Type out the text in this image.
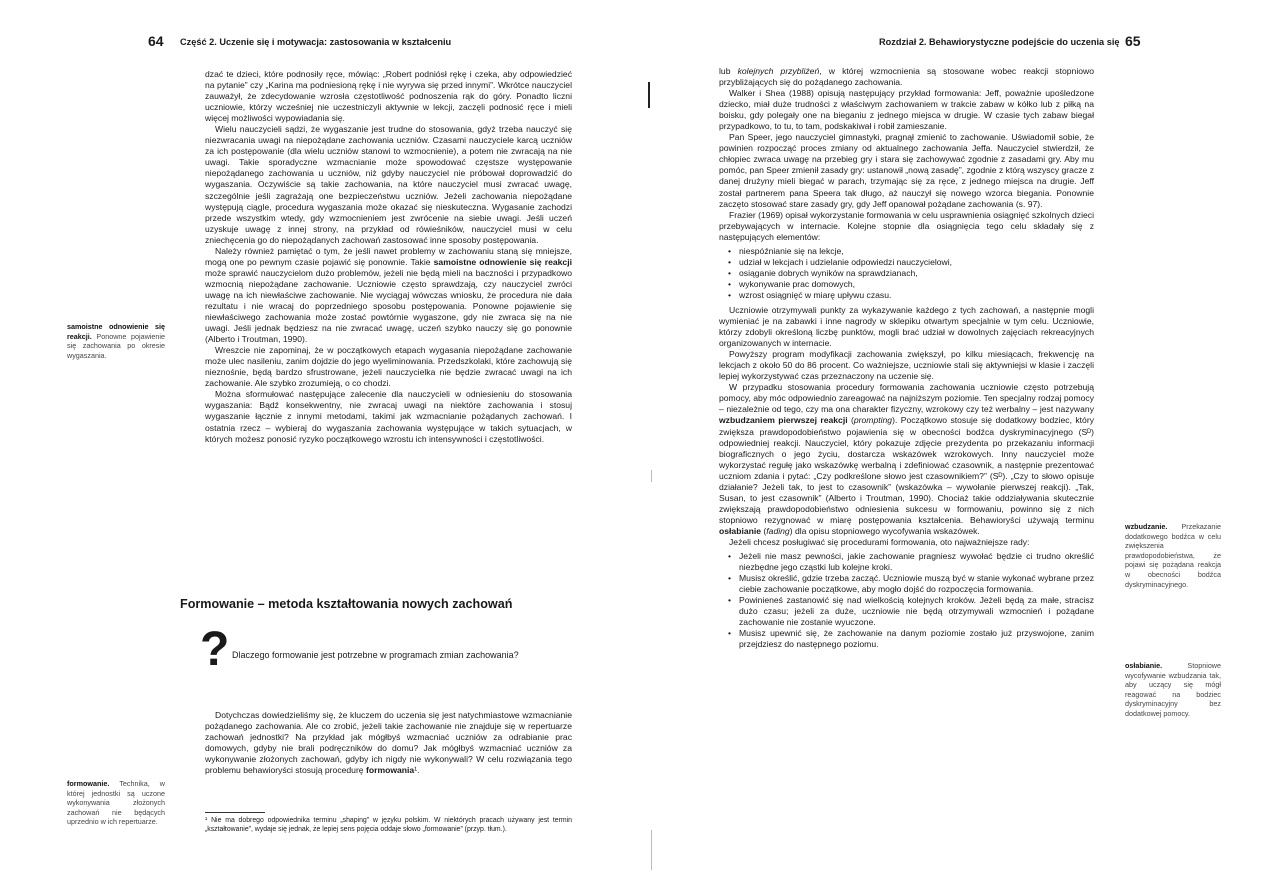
64 Część 2. Uczenie się i motywacja: zastosowania w kształceniu

dzać te dzieci, które podnosiły ręce, mówiąc: „Robert podniósł rękę i czeka, aby odpowiedzieć na pytanie” czy „Karina ma podniesioną rękę i nie wyrywa się przed innymi”. Wkrótce nauczyciel zauważył, że zdecydowanie wzrosła częstotliwość podnoszenia rąk do góry. Ponadto liczni uczniowie, którzy wcześniej nie uczestniczyli aktywnie w lekcji, zaczęli podnosić ręce i mieli więcej możliwości wypowiadania się.

Wielu nauczycieli sądzi, że wygaszanie jest trudne do stosowania, gdyż trzeba nauczyć się niezwracania uwagi na niepożądane zachowania uczniów. Czasami nauczyciele karcą uczniów za ich postępowanie (dla wielu uczniów stanowi to wzmocnienie), a potem nie zwracają na nie uwagi. Takie sporadyczne wzmacnianie może spowodować częstsze występowanie niepożądanego zachowania u uczniów, niż gdyby nauczyciel nie próbował doprowadzić do wygaszania. Oczywiście są takie zachowania, na które nauczyciel musi zwracać uwagę, szczególnie jeśli zagrażają one bezpieczeństwu uczniów. Jeżeli zachowania niepożądane występują ciągle, procedura wygaszania może okazać się nieskuteczna. Wygasanie zachodzi przede wszystkim wtedy, gdy wzmocnieniem jest zwrócenie na siebie uwagi. Jeśli uczeń uzyskuje uwagę z innej strony, na przykład od rówieśników, nauczyciel musi w celu zniechęcenia go do niepożądanych zachowań zastosować inne sposoby postępowania.

Należy również pamiętać o tym, że jeśli nawet problemy w zachowaniu staną się mniejsze, mogą one po pewnym czasie pojawić się ponownie. Takie samoistne odnowienie się reakcji może sprawić nauczycielom dużo problemów, jeżeli nie będą mieli na baczności i przypadkowo wzmocnią niepożądane zachowanie. Uczniowie często sprawdzają, czy nauczyciel zwróci uwagę na ich niewłaściwe zachowanie. Nie wyciągaj wówczas wniosku, że procedura nie dała rezultatu i nie wracaj do poprzedniego sposobu postępowania. Ponowne pojawienie się niewłaściwego zachowania może zostać powtórnie wygaszone, gdy nie zwraca się na nie uwagi. Jeśli jednak będziesz na nie zwracać uwagę, uczeń szybko nauczy się go ponownie (Alberto i Troutman, 1990).

Wreszcie nie zapominaj, że w początkowych etapach wygasania niepożądane zachowanie może ulec nasileniu, zanim dojdzie do jego wyeliminowania. Przedszkolaki, które zachowują się nieznośnie, będą bardzo sfrustrowane, jeżeli nauczycielka nie będzie zwracać uwagi na ich zachowanie. Ale szybko zrozumieją, o co chodzi.

Można sformułować następujące zalecenie dla nauczycieli w odniesieniu do stosowania wygaszania: Bądź konsekwentny, nie zwracaj uwagi na niektóre zachowania i stosuj wygaszanie łącznie z innymi metodami, takimi jak wzmacnianie pożądanych zachowań. I ostatnia rzecz – wybieraj do wygaszania zachowania występujące w takich sytuacjach, w których możesz ponosić ryzyko początkowego wzrostu ich intensywności i częstotliwości.

samoistne odnowienie się reakcji. Ponowne pojawienie się zachowania po okresie wygaszania.
Formowanie – metoda kształtowania nowych zachowań
? Dlaczego formowanie jest potrzebne w programach zmian zachowania?

Dotychczas dowiedzieliśmy się, że kluczem do uczenia się jest natychmiastowe wzmacnianie pożądanego zachowania. Ale co zrobić, jeżeli takie zachowanie nie znajduje się w repertuarze zachowań jednostki? Na przykład jak mógłbyś wzmacniać uczniów za odrabianie prac domowych, gdyby nie brali podręczników do domu? Jak mógłbyś wzmacniać uczniów za wykonywanie złożonych zachowań, gdyby ich nigdy nie wykonywali? W celu rozwiązania tego problemu behawioryści stosują procedurę formowania¹.

¹ Nie ma dobrego odpowiednika terminu „shaping” w języku polskim. W niektórych pracach używany jest termin „kształtowanie”, wydaje się jednak, że lepiej sens pojęcia oddaje słowo „formowanie” (przyp. tłum.).
formowanie. Technika, w której jednostki są uczone wykonywania złożonych zachowań nie będących uprzednio w ich repertuarze.
Rozdział 2. Behawiorystyczne podejście do uczenia się 65

lub kolejnych przybliżeń, w której wzmocnienia są stosowane wobec reakcji stopniowo przybliżających się do pożądanego zachowania.

Walker i Shea (1988) opisują następujący przykład formowania: Jeff, poważnie upośledzone dziecko, miał duże trudności z właściwym zachowaniem w trakcie zabaw w kółko lub z piłką na boisku, gdy polegały one na bieganiu z jednego miejsca w drugie. W czasie tych zabaw biegał przypadkowo, to tu, to tam, podskakiwał i robił zamieszanie.

Pan Speer, jego nauczyciel gimnastyki, pragnął zmienić to zachowanie. Uświadomił sobie, że powinien rozpocząć proces zmiany od aktualnego zachowania Jeffa. Nauczyciel stwierdził, że chłopiec zwraca uwagę na przebieg gry i stara się zachowywać zgodnie z zasadami gry. Aby mu pomóc, pan Speer zmienił zasady gry: ustanowił „nową zasadę”, zgodnie z którą wszyscy gracze z danej drużyny mieli biegać w parach, trzymając się za ręce, z jednego miejsca na drugie. Jeff został partnerem pana Speera tak długo, aż nauczył się nowego wzorca biegania. Ponownie zaczęto stosować stare zasady gry, gdy Jeff opanował pożądane zachowania (s. 97).

Frazier (1969) opisał wykorzystanie formowania w celu usprawnienia osiągnięć szkolnych dzieci przebywających w internacie. Kolejne stopnie dla osiągnięcia tego celu składały się z następujących elementów:

• niespóźnianie się na lekcje,
• udział w lekcjach i udzielanie odpowiedzi nauczycielowi,
• osiąganie dobrych wyników na sprawdzianach,
• wykonywanie prac domowych,
• wzrost osiągnięć w miarę upływu czasu.

Uczniowie otrzymywali punkty za wykazywanie każdego z tych zachowań, a następnie mogli wymieniać je na zabawki i inne nagrody w sklepiku otwartym specjalnie w tym celu. Uczniowie, którzy zdobyli określoną liczbę punktów, mogli brać udział w dowolnych zajęciach rekreacyjnych organizowanych w internacie.

Powyższy program modyfikacji zachowania zwiększył, po kilku miesiącach, frekwencję na lekcjach z około 50 do 86 procent. Co ważniejsze, uczniowie stali się aktywniejsi w klasie i zaczęli lepiej wykorzystywać czas przeznaczony na uczenie się.

W przypadku stosowania procedury formowania zachowania uczniowie często potrzebują pomocy, aby móc odpowiednio zareagować na najniższym poziomie. Ten specjalny rodzaj pomocy – niezależnie od tego, czy ma ona charakter fizyczny, wzrokowy czy też werbalny – jest nazywany wzbudzaniem pierwszej reakcji (prompting). Początkowo stosuje się dodatkowy bodziec, który zwiększa prawdopodobieństwo pojawienia się w obecności bodźca dyskryminacyjnego (Sᴰ) odpowiedniej reakcji. Nauczyciel, który pokazuje zdjęcie prezydenta po przekazaniu informacji biograficznych o jego życiu, dostarcza wskazówek wzrokowych. Inny nauczyciel może wykorzystać regułę jako wskazówkę werbalną i zdefiniować czasownik, a następnie prezentować uczniom zdania i pytać: „Czy podkreślone słowo jest czasownikiem?” (Sᴰ). „Czy to słowo opisuje działanie? Jeżeli tak, to jest to czasownik” (wskazówka – wywołanie pierwszej reakcji). „Tak, Susan, to jest czasownik” (Alberto i Troutman, 1990). Chociaż takie oddziaływania skutecznie zwiększają prawdopodobieństwo odniesienia sukcesu w formowaniu, powinno się z nich stopniowo rezygnować w miarę postępowania kształcenia. Behawioryści używają terminu osłabianie (fading) dla opisu stopniowego wycofywania wskazówek.

Jeżeli chcesz posługiwać się procedurami formowania, oto najważniejsze rady:

• Jeżeli nie masz pewności, jakie zachowanie pragniesz wywołać będzie ci trudno określić niezbędne jego cząstki lub kolejne kroki.
• Musisz określić, gdzie trzeba zacząć. Uczniowie muszą być w stanie wykonać wybrane przez ciebie zachowanie początkowe, aby mogło dojść do rozpoczęcia formowania.
• Powinieneś zastanowić się nad wielkością kolejnych kroków. Jeżeli będą za małe, stracisz dużo czasu; jeżeli za duże, uczniowie nie będą otrzymywali wzmocnień i pożądane zachowanie nie zostanie wyuczone.
• Musisz upewnić się, że zachowanie na danym poziomie zostało już przyswojone, zanim przejdziesz do następnego poziomu.
wzbudzanie. Przekazanie dodatkowego bodźca w celu zwiększenia prawdopodobieństwa, że pojawi się pożądana reakcja w obecności bodźca dyskryminacyjnego.
osłabianie. Stopniowe wycofywanie wzbudzania tak, aby uczący się mógł reagować na bodziec dyskryminacyjny bez dodatkowej pomocy.
